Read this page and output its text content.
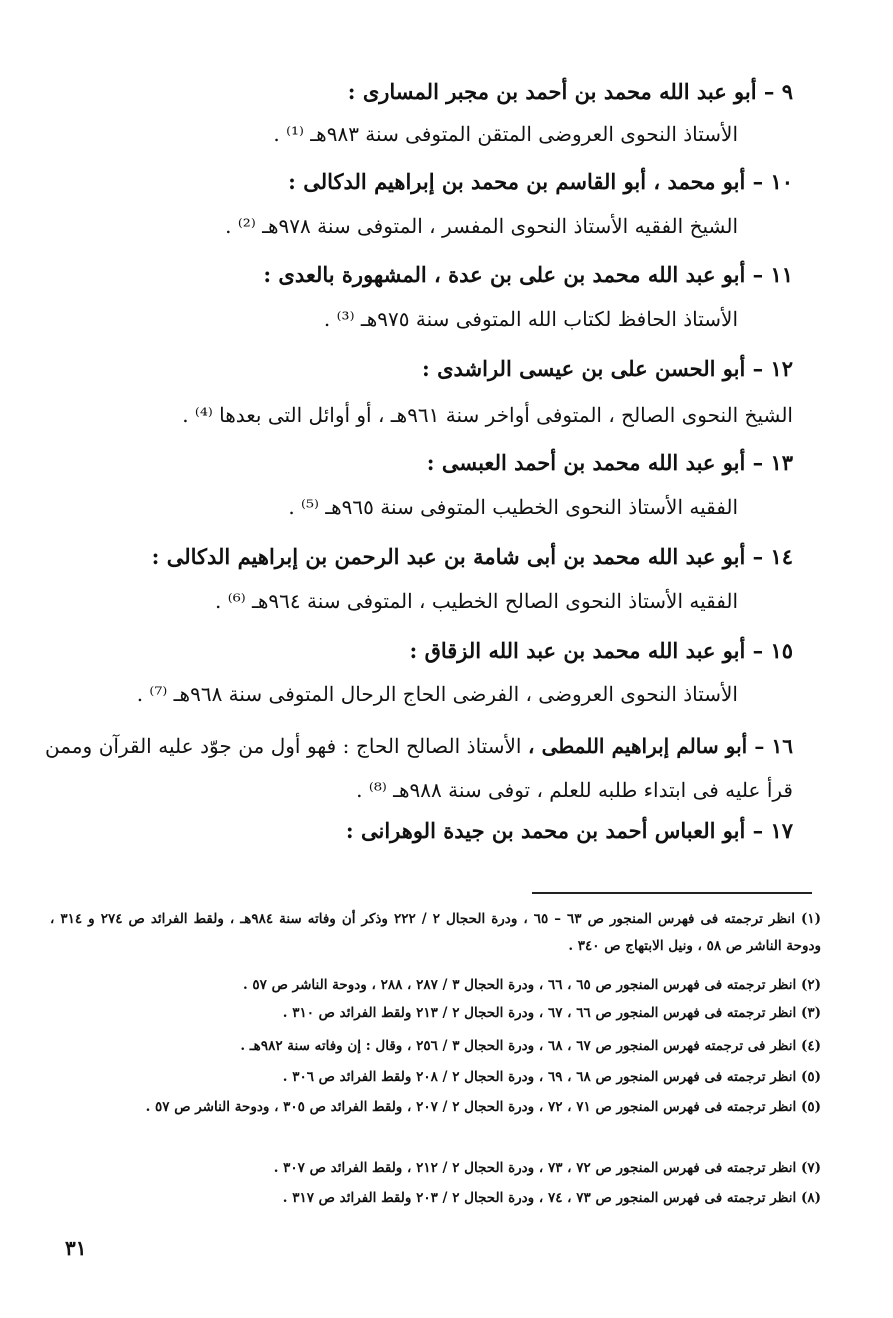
٩ – أبو عبد الله محمد بن أحمد بن مجبر المسارى :
الأستاذ النحوى العروضى المتقن المتوفى سنة ٩٨٣هـ ⁽¹⁾ .
١٠ – أبو محمد ، أبو القاسم بن محمد بن إبراهيم الدكالى :
الشيخ الفقيه الأستاذ النحوى المفسر ، المتوفى سنة ٩٧٨هـ ⁽²⁾ .
١١ – أبو عبد الله محمد بن على بن عدة ، المشهورة بالعدى :
الأستاذ الحافظ لكتاب الله المتوفى سنة ٩٧٥هـ ⁽³⁾ .
١٢ – أبو الحسن على بن عيسى الراشدى :
الشيخ النحوى الصالح ، المتوفى أواخر سنة ٩٦١هـ ، أو أوائل التى بعدها ⁽⁴⁾ .
١٣ – أبو عبد الله محمد بن أحمد العبسى :
الفقيه الأستاذ النحوى الخطيب المتوفى سنة ٩٦٥هـ ⁽⁵⁾ .
١٤ – أبو عبد الله محمد بن أبى شامة بن عبد الرحمن بن إبراهيم الدكالى :
الفقيه الأستاذ النحوى الصالح الخطيب ، المتوفى سنة ٩٦٤هـ ⁽⁶⁾ .
١٥ – أبو عبد الله محمد بن عبد الله الزقاق :
الأستاذ النحوى العروضى ، الفرضى الحاج الرحال المتوفى سنة ٩٦٨هـ ⁽⁷⁾ .
١٦ – أبو سالم إبراهيم اللمطى ، الأستاذ الصالح الحاج : فهو أول من جوّد عليه القرآن وممن قرأ عليه فى ابتداء طلبه للعلم ، توفى سنة ٩٨٨هـ ⁽⁸⁾ .
١٧ – أبو العباس أحمد بن محمد بن جيدة الوهرانى :
(١) انظر ترجمته فى فهرس المنجور ص ٦٣ – ٦٥ ، ودرة الحجال ٢ / ٢٢٢ وذكر أن وفاته سنة ٩٨٤هـ ، ولقط الفرائد ص ٢٧٤ و ٣١٤ ، ودوحة الناشر ص ٥٨ ، ونيل الابتهاج ص ٣٤٠ .
(٢) انظر ترجمته فى فهرس المنجور ص ٦٥ ، ٦٦ ، ودرة الحجال ٣ / ٢٨٧ ، ٢٨٨ ، ودوحة الناشر ص ٥٧ .
(٣) انظر ترجمته فى فهرس المنجور ص ٦٦ ، ٦٧ ، ودرة الحجال ٢ / ٢١٣ ولقط الفرائد ص ٣١٠ .
(٤) انظر فى ترجمته فهرس المنجور ص ٦٧ ، ٦٨ ، ودرة الحجال ٣ / ٢٥٦ ، وقال : إن وفاته سنة ٩٨٢هـ .
(٥) انظر ترجمته فى فهرس المنجور ص ٦٨ ، ٦٩ ، ودرة الحجال ٢ / ٢٠٨ ولقط الفرائد ص ٣٠٦ .
(٥) انظر ترجمته فى فهرس المنجور ص ٧١ ، ٧٢ ، ودرة الحجال ٢ / ٢٠٧ ، ولقط الفرائد ص ٣٠٥ ، ودوحة الناشر ص ٥٧ .
(٧) انظر ترجمته فى فهرس المنجور ص ٧٢ ، ٧٣ ، ودرة الحجال ٢ / ٢١٢ ، ولقط الفرائد ص ٣٠٧ .
(٨) انظر ترجمته فى فهرس المنجور ص ٧٣ ، ٧٤ ، ودرة الحجال ٢ / ٢٠٣ ولقط الفرائد ص ٣١٧ .
٣١
